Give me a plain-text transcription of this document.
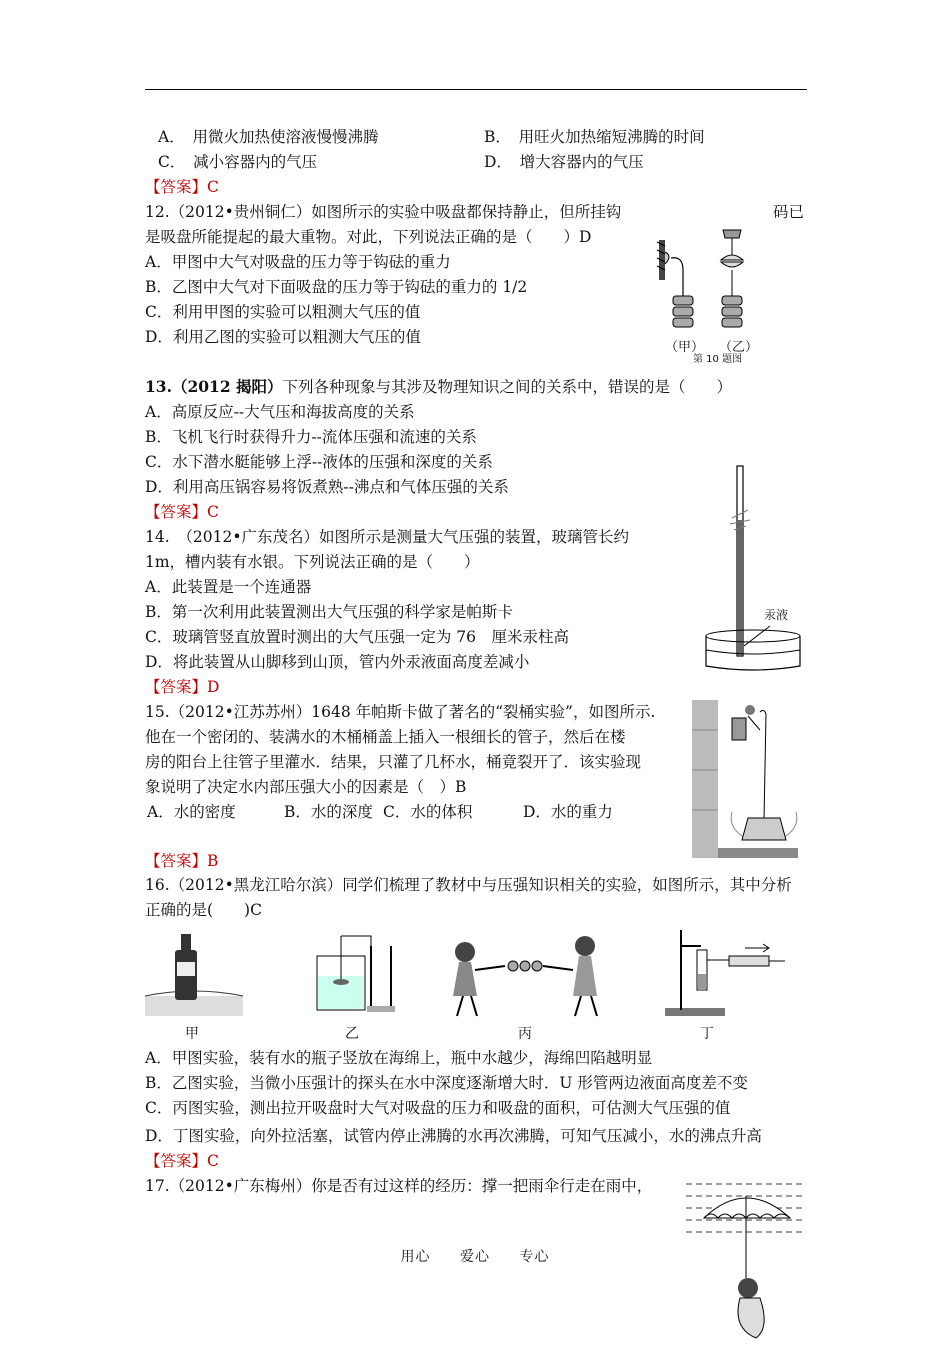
A．　用微火加热使溶液慢慢沸腾	B．　用旺火加热缩短沸腾的时间
C．　减小容器内的气压	D．　增大容器内的气压
【答案】C
12.（2012•贵州铜仁）如图所示的实验中吸盘都保持静止，但所挂钩	码已
是吸盘所能提起的最大重物。对此，下列说法正确的是（　　）D
A．甲图中大气对吸盘的压力等于钩砝的重力
B．乙图中大气对下面吸盘的压力等于钩砝的重力的 1/2
C．利用甲图的实验可以粗测大气压的值
D．利用乙图的实验可以粗测大气压的值
（甲） （乙）
第 10 题图
13.（2012 揭阳）下列各种现象与其涉及物理知识之间的关系中，错误的是（　　）
A．高原反应--大气压和海拔高度的关系
B．飞机飞行时获得升力--流体压强和流速的关系
C．水下潜水艇能够上浮--液体的压强和深度的关系
D．利用高压锅容易将饭煮熟--沸点和气体压强的关系
【答案】C
14.　（2012•广东茂名）如图所示是测量大气压强的装置，玻璃管长约
1m，槽内装有水银。下列说法正确的是（　　）
A．此装置是一个连通器
B．第一次利用此装置测出大气压强的科学家是帕斯卡
C．玻璃管竖直放置时测出的大气压强一定为 76　厘米汞柱高
D．将此装置从山脚移到山顶，管内外汞液面高度差减小
【答案】D
汞液
15.（2012•江苏苏州）1648 年帕斯卡做了著名的“裂桶实验”，如图所示.
他在一个密闭的、装满水的木桶桶盖上插入一根细长的管子，然后在楼
房的阳台上往管子里灌水．结果，只灌了几杯水，桶竟裂开了．该实验现
象说明了决定水内部压强大小的因素是（　）B
A．水的密度	B．水的深度 C．水的体积	D．水的重力
【答案】B
16.（2012•黑龙江哈尔滨）同学们梳理了教材中与压强知识相关的实验，如图所示，其中分析
正确的是(　　)C
甲	乙	丙	丁
A．甲图实验，装有水的瓶子竖放在海绵上，瓶中水越少，海绵凹陷越明显
B．乙图实验，当微小压强计的探头在水中深度逐渐增大时．U 形管两边液面高度差不变
C．丙图实验，测出拉开吸盘时大气对吸盘的压力和吸盘的面积，可估测大气压强的值
D．丁图实验，向外拉活塞，试管内停止沸腾的水再次沸腾，可知气压减小，水的沸点升高
【答案】C
17.（2012•广东梅州）你是否有过这样的经历：撑一把雨伞行走在雨中，
用心 爱心 专心
